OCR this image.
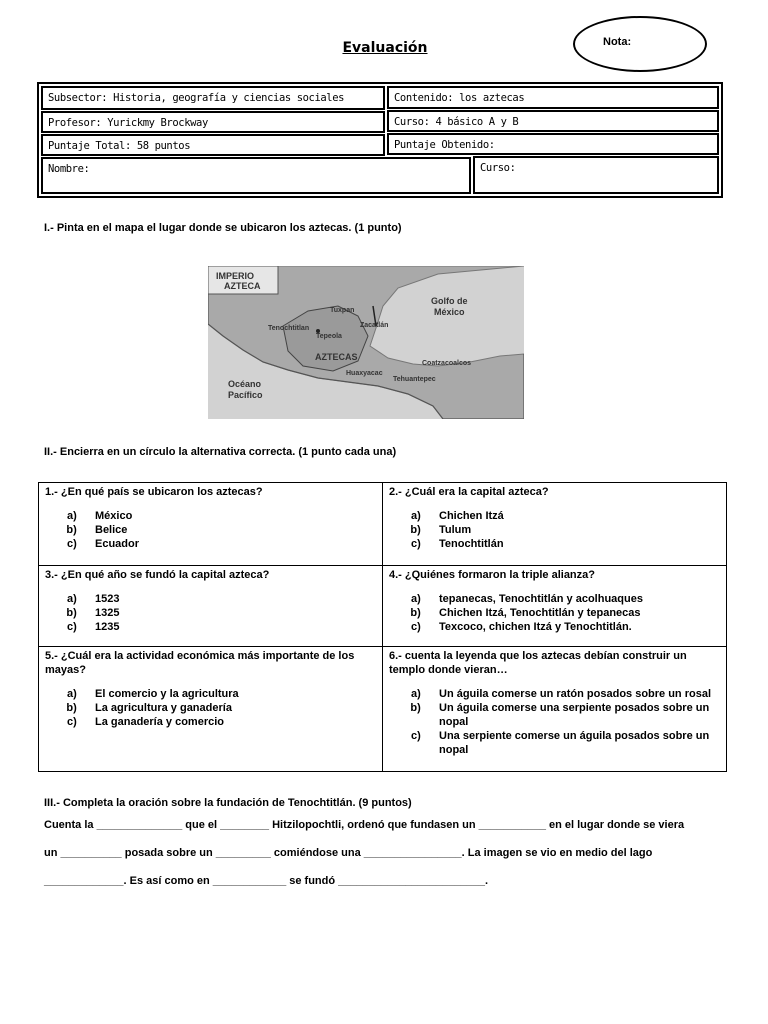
Evaluación	Nota:
Subsector: Historia, geografía y ciencias sociales	Contenido: los aztecas
Profesor: Yurickmy Brockway	Curso: 4 básico A y B
Puntaje Total: 58 puntos	Puntaje Obtenido:
Nombre:	Curso:
I.- Pinta en el mapa el lugar donde se ubicaron los aztecas. (1 punto)
IMPERIO
AZTECA
Golfo de
México
Tuxpan
Zacatlán
Tenochtitlan
Tepeola
AZTECAS
Coatzacoalcos
Huaxyacac
Tehuantepec
Océano
Pacífico
II.- Encierra en un círculo la alternativa correcta. (1 punto cada una)
1.- ¿En qué país se ubicaron los aztecas?
a. México
b. Belice
c. Ecuador
2.- ¿Cuál era la capital azteca?
a. Chichen Itzá
b. Tulum
c. Tenochtitlán
3.- ¿En qué año se fundó la capital azteca?
a. 1523
b. 1325
c. 1235
4.- ¿Quiénes formaron la triple alianza?
a. tepanecas, Tenochtitlán y acolhuaques
b. Chichen Itzá, Tenochtitlán y tepanecas
c. Texcoco, chichen Itzá y Tenochtitlán.
5.- ¿Cuál era la actividad económica más importante de los mayas?
a. El comercio y la agricultura
b. La agricultura y ganadería
c. La ganadería y comercio
6.- cuenta la leyenda que los aztecas debían construir un templo donde vieran…
a. Un águila comerse un ratón posados sobre un rosal
b. Un águila comerse una serpiente posados sobre un nopal
c. Una serpiente comerse un águila posados sobre un nopal
III.- Completa la oración sobre la fundación de Tenochtitlán. (9 puntos)
Cuenta la ______________ que el ________ Hitzilopochtli, ordenó que fundasen un ___________ en el lugar donde se viera
un __________ posada sobre un _________ comiéndose una ________________. La imagen se vio en medio del lago
_____________. Es así como en ____________ se fundó ________________________.
